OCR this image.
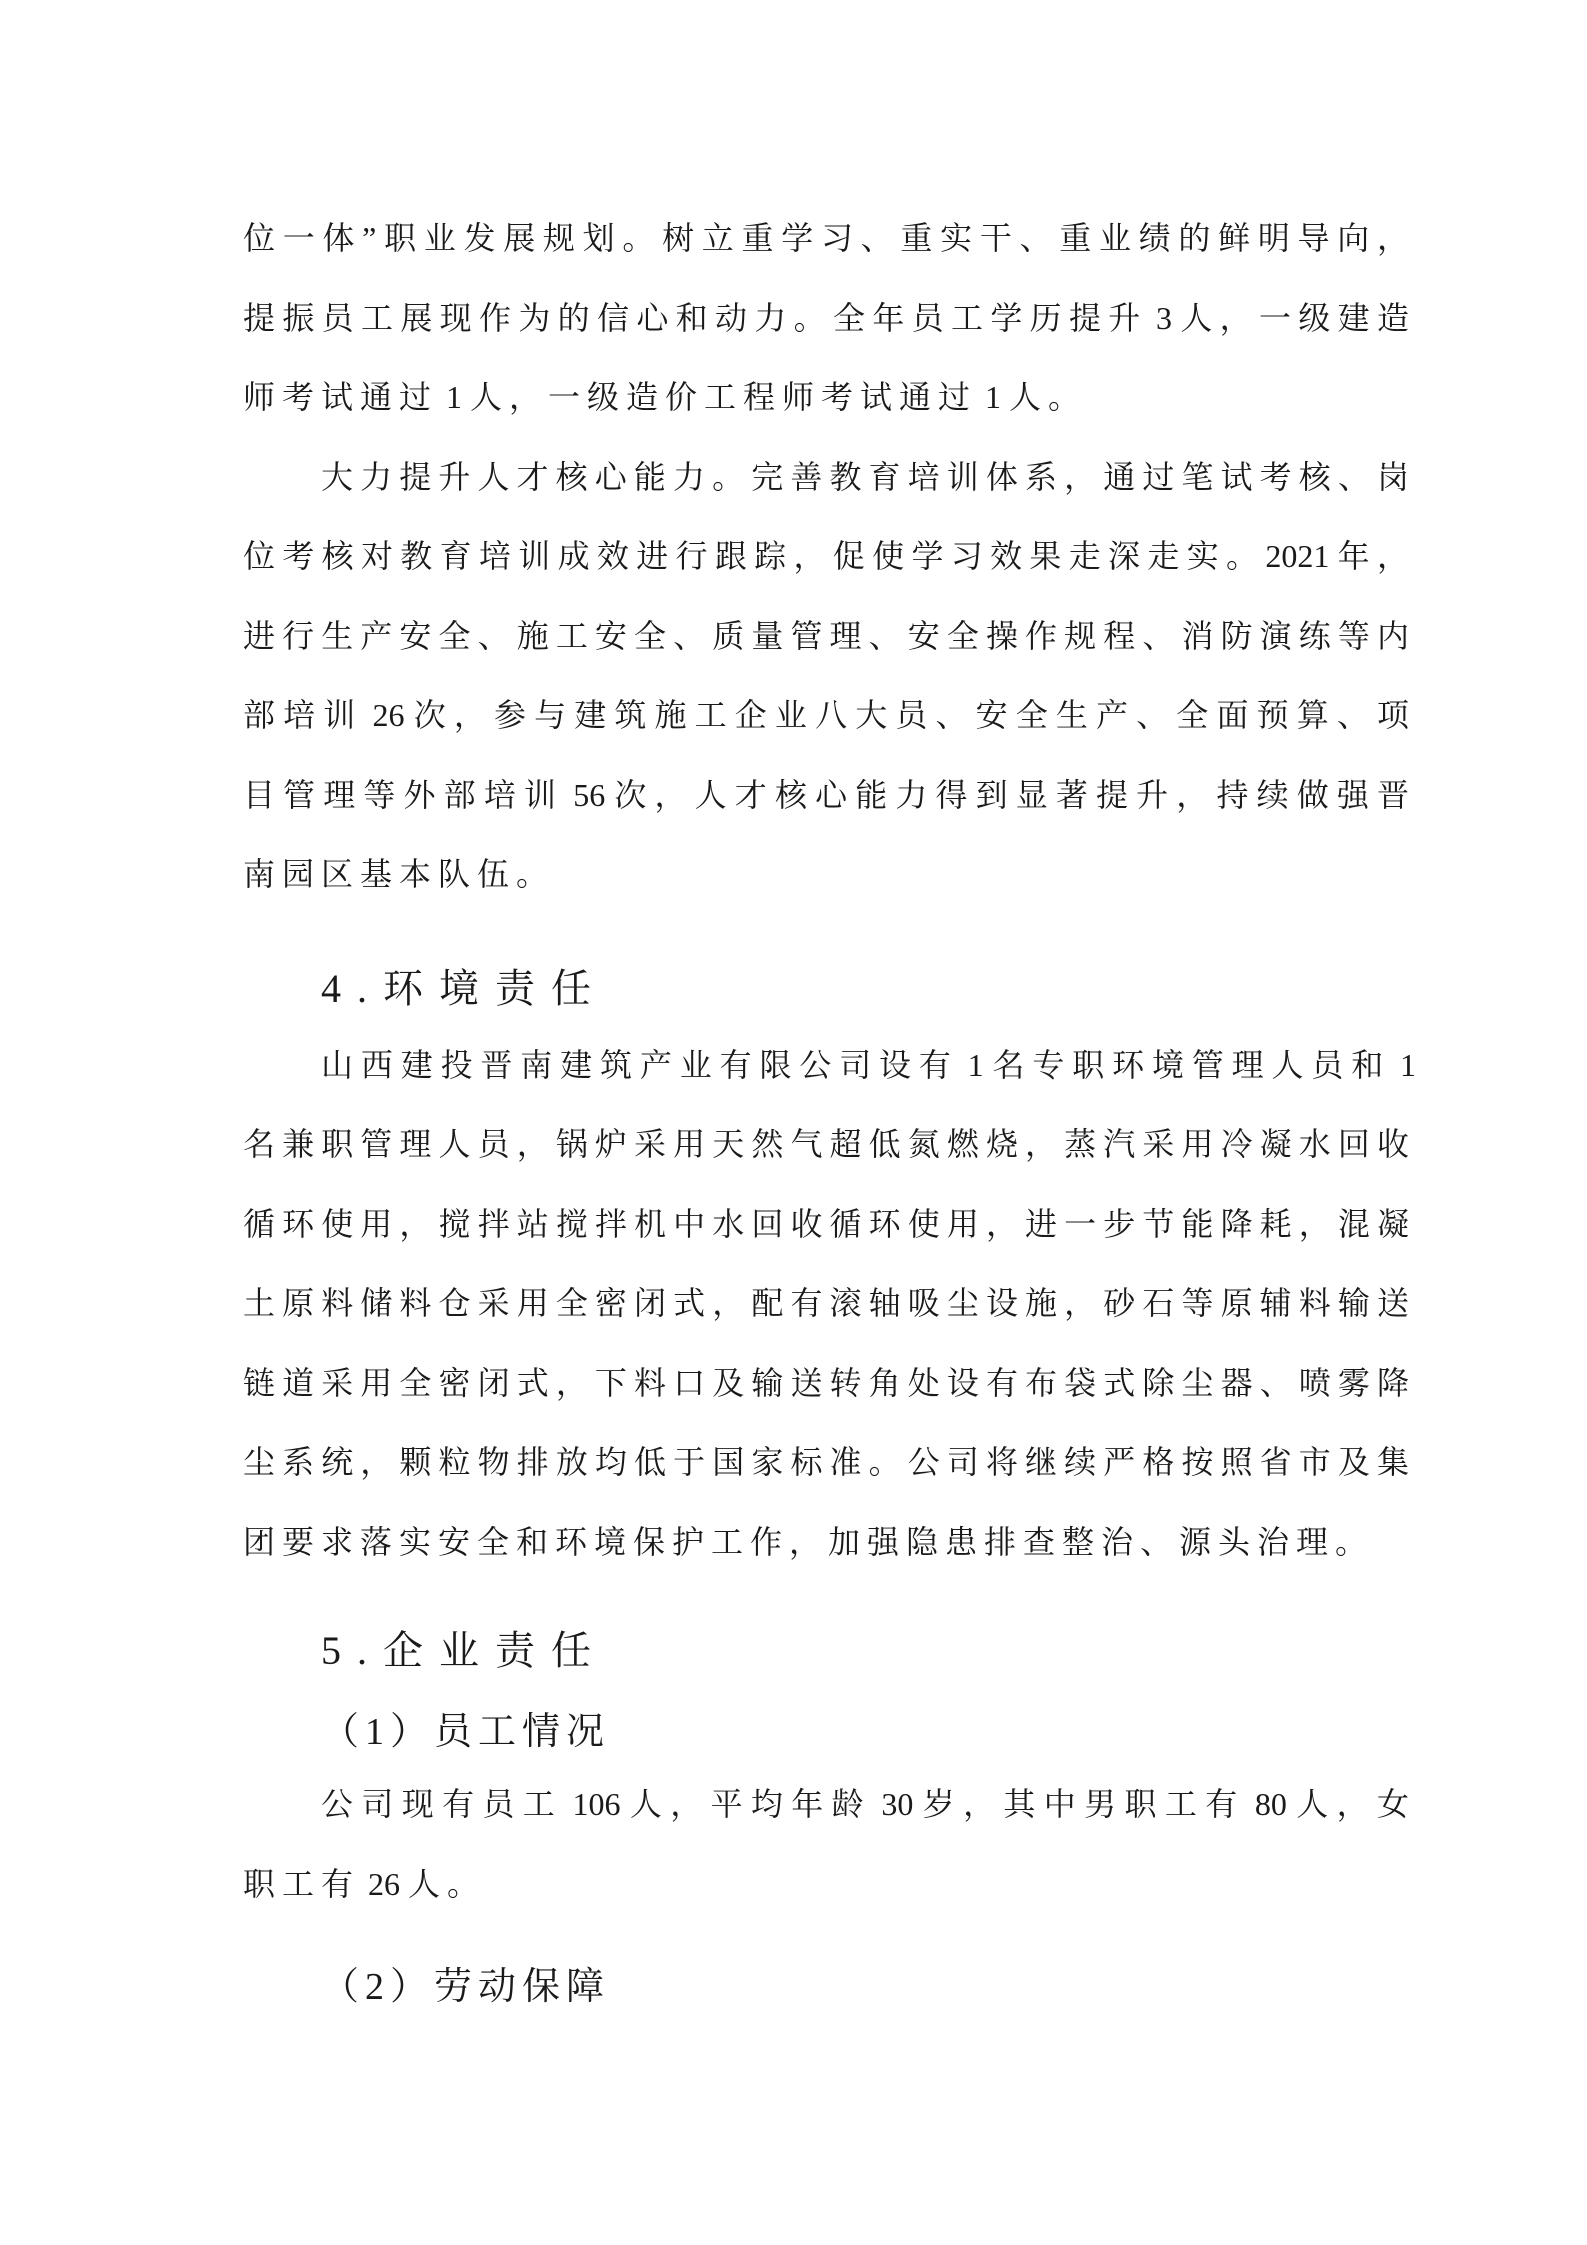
位一体”职业发展规划。树立重学习、重实干、重业绩的鲜明导向，提振员工展现作为的信心和动力。全年员工学历提升 3 人，一级建造师考试通过 1 人，一级造价工程师考试通过 1 人。

大力提升人才核心能力。完善教育培训体系，通过笔试考核、岗位考核对教育培训成效进行跟踪，促使学习效果走深走实。2021 年，进行生产安全、施工安全、质量管理、安全操作规程、消防演练等内部培训 26 次，参与建筑施工企业八大员、安全生产、全面预算、项目管理等外部培训 56 次，人才核心能力得到显著提升，持续做强晋南园区基本队伍。

4.环境责任

山西建投晋南建筑产业有限公司设有 1 名专职环境管理人员和 1 名兼职管理人员，锅炉采用天然气超低氮燃烧，蒸汽采用冷凝水回收循环使用，搅拌站搅拌机中水回收循环使用，进一步节能降耗，混凝土原料储料仓采用全密闭式，配有滚轴吸尘设施，砂石等原辅料输送链道采用全密闭式，下料口及输送转角处设有布袋式除尘器、喷雾降尘系统，颗粒物排放均低于国家标准。公司将继续严格按照省市及集团要求落实安全和环境保护工作，加强隐患排查整治、源头治理。

5.企业责任
（1）员工情况

公司现有员工 106 人，平均年龄 30 岁，其中男职工有 80 人，女职工有 26 人。

（2）劳动保障
